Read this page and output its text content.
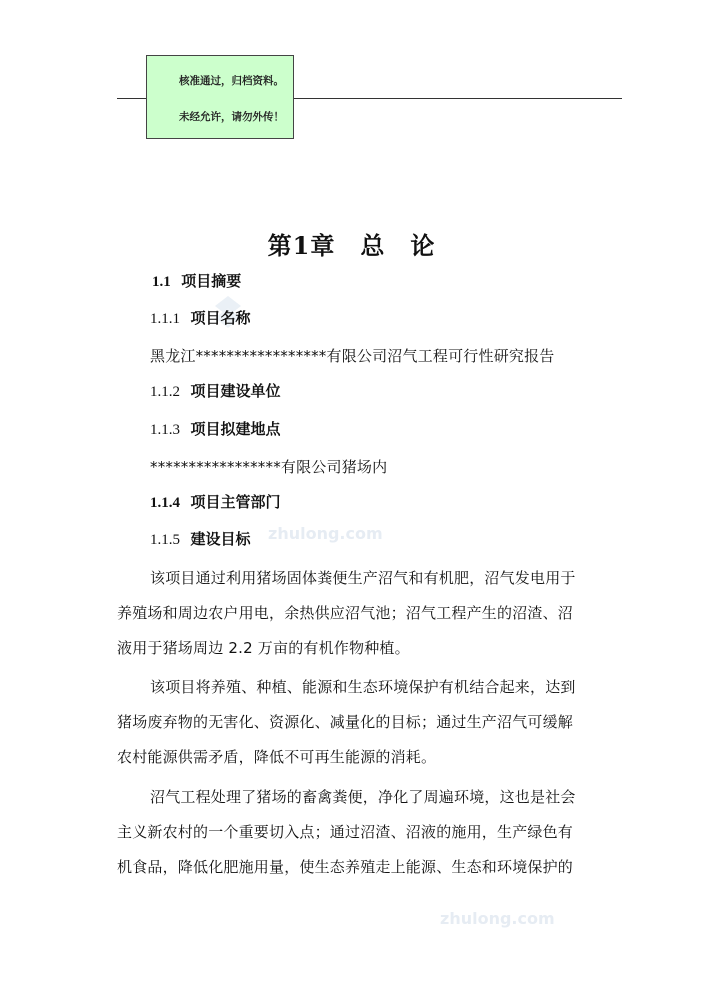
核准通过，归档资料。
未经允许，请勿外传！
zhulong.com
zhulong.com
第1章　总　论
1.1 项目摘要
1.1.1 项目名称
黑龙江*****************有限公司沼气工程可行性研究报告
1.1.2 项目建设单位
1.1.3 项目拟建地点
*****************有限公司猪场内
1.1.4 项目主管部门
1.1.5 建设目标
该项目通过利用猪场固体粪便生产沼气和有机肥，沼气发电用于
养殖场和周边农户用电，余热供应沼气池；沼气工程产生的沼渣、沼
液用于猪场周边 2.2 万亩的有机作物种植。
该项目将养殖、种植、能源和生态环境保护有机结合起来，达到
猪场废弃物的无害化、资源化、减量化的目标；通过生产沼气可缓解
农村能源供需矛盾，降低不可再生能源的消耗。
沼气工程处理了猪场的畜禽粪便，净化了周遍环境，这也是社会
主义新农村的一个重要切入点；通过沼渣、沼液的施用，生产绿色有
机食品，降低化肥施用量，使生态养殖走上能源、生态和环境保护的
